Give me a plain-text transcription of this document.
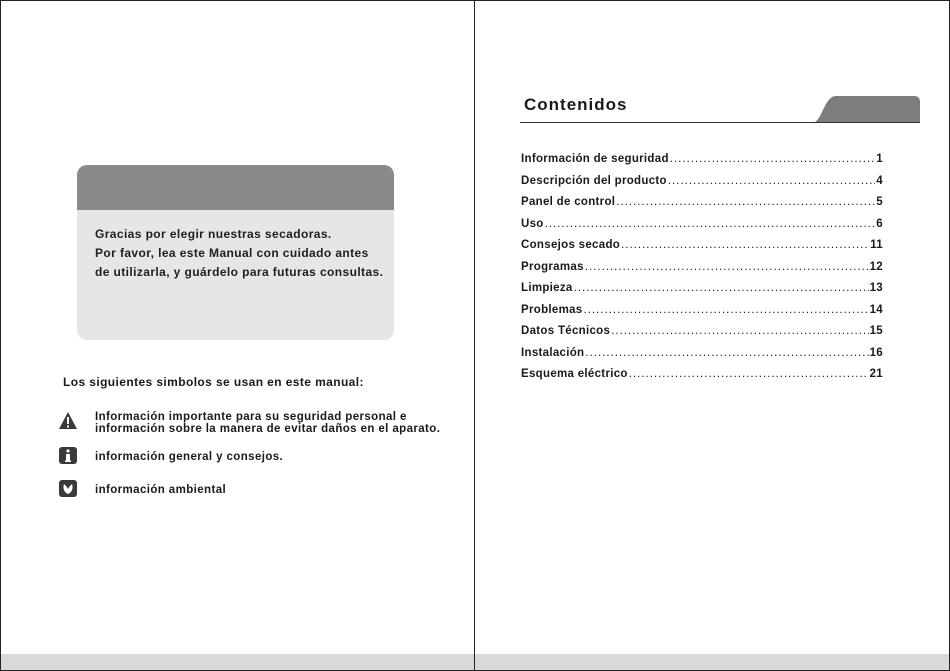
Gracias por elegir nuestras secadoras.
Por favor, lea este Manual con cuidado antes
de utilizarla, y guárdelo para futuras consultas.
Los siguientes simbolos se usan en este manual:
Información importante para su seguridad personal e
información sobre la manera de evitar daños en el aparato.
información general y consejos.
información ambiental
Contenidos
Información de seguridad .....	1
Descripción del producto .....	4
Panel de control .....	5
Uso .....	6
Consejos secado .....	11
Programas .....	12
Limpieza .....	13
Problemas .....	14
Datos Técnicos .....	15
Instalación .....	16
Esquema eléctrico .....	21
